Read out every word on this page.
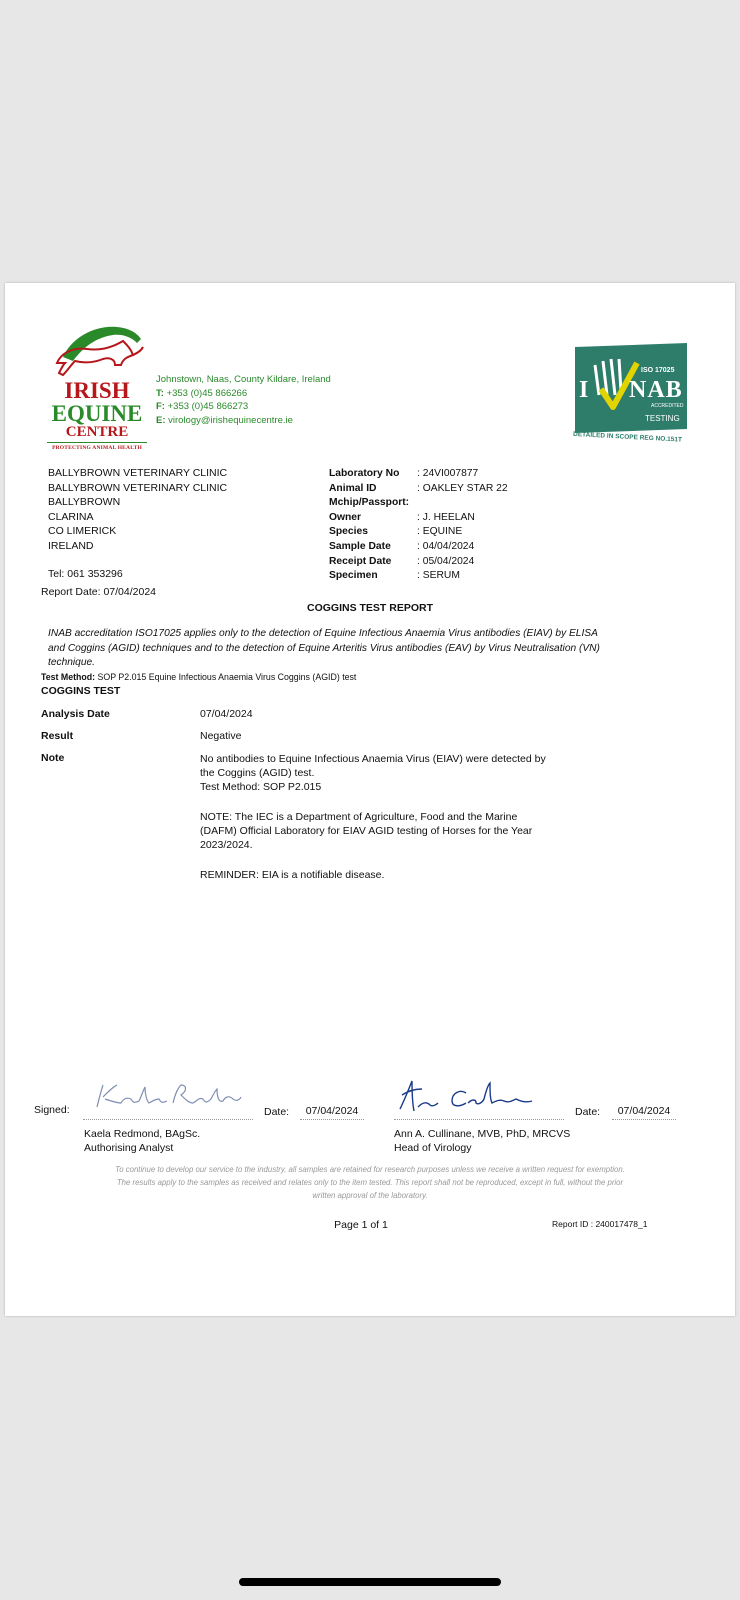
IRISH
EQUINE
CENTRE
PROTECTING ANIMAL HEALTH
Johnstown, Naas, County Kildare, Ireland
T: +353 (0)45 866266
F: +353 (0)45 866273
E: virology@irishequinecentre.ie
ISO 17025
I NAB
ACCREDITED
TESTING
DETAILED IN SCOPE REG NO.151T
BALLYBROWN VETERINARY CLINIC
BALLYBROWN VETERINARY CLINIC
BALLYBROWN
CLARINA
CO LIMERICK
IRELAND
Tel: 061 353296
Laboratory No : 24VI007877
Animal ID	: OAKLEY STAR 22
Mchip/Passport:
Owner	: J. HEELAN
Species	: EQUINE
Sample Date	: 04/04/2024
Receipt Date : 05/04/2024
Specimen	: SERUM
Report Date: 07/04/2024
COGGINS TEST REPORT
INAB accreditation ISO17025 applies only to the detection of Equine Infectious Anaemia Virus antibodies (EIAV) by ELISA
and Coggins (AGID) techniques and to the detection of Equine Arteritis Virus antibodies (EAV) by Virus Neutralisation (VN)
technique.
Test Method: SOP P2.015 Equine Infectious Anaemia Virus Coggins (AGID) test
COGGINS TEST
Analysis Date	07/04/2024
Result	Negative
Note	No antibodies to Equine Infectious Anaemia Virus (EIAV) were detected by
the Coggins (AGID) test.
Test Method: SOP P2.015
NOTE: The IEC is a Department of Agriculture, Food and the Marine
(DAFM) Official Laboratory for EIAV AGID testing of Horses for the Year
2023/2024.
REMINDER: EIA is a notifiable disease.
Signed:	Date:	07/04/2024	Date:	07/04/2024
Kaela Redmond, BAgSc.
Authorising Analyst
Ann A. Cullinane, MVB, PhD, MRCVS
Head of Virology
To continue to develop our service to the industry, all samples are retained for research purposes unless we receive a written request for exemption.
The results apply to the samples as received and relates only to the item tested. This report shall not be reproduced, except in full, without the prior
written approval of the laboratory.
Page 1 of 1	Report ID : 240017478_1
